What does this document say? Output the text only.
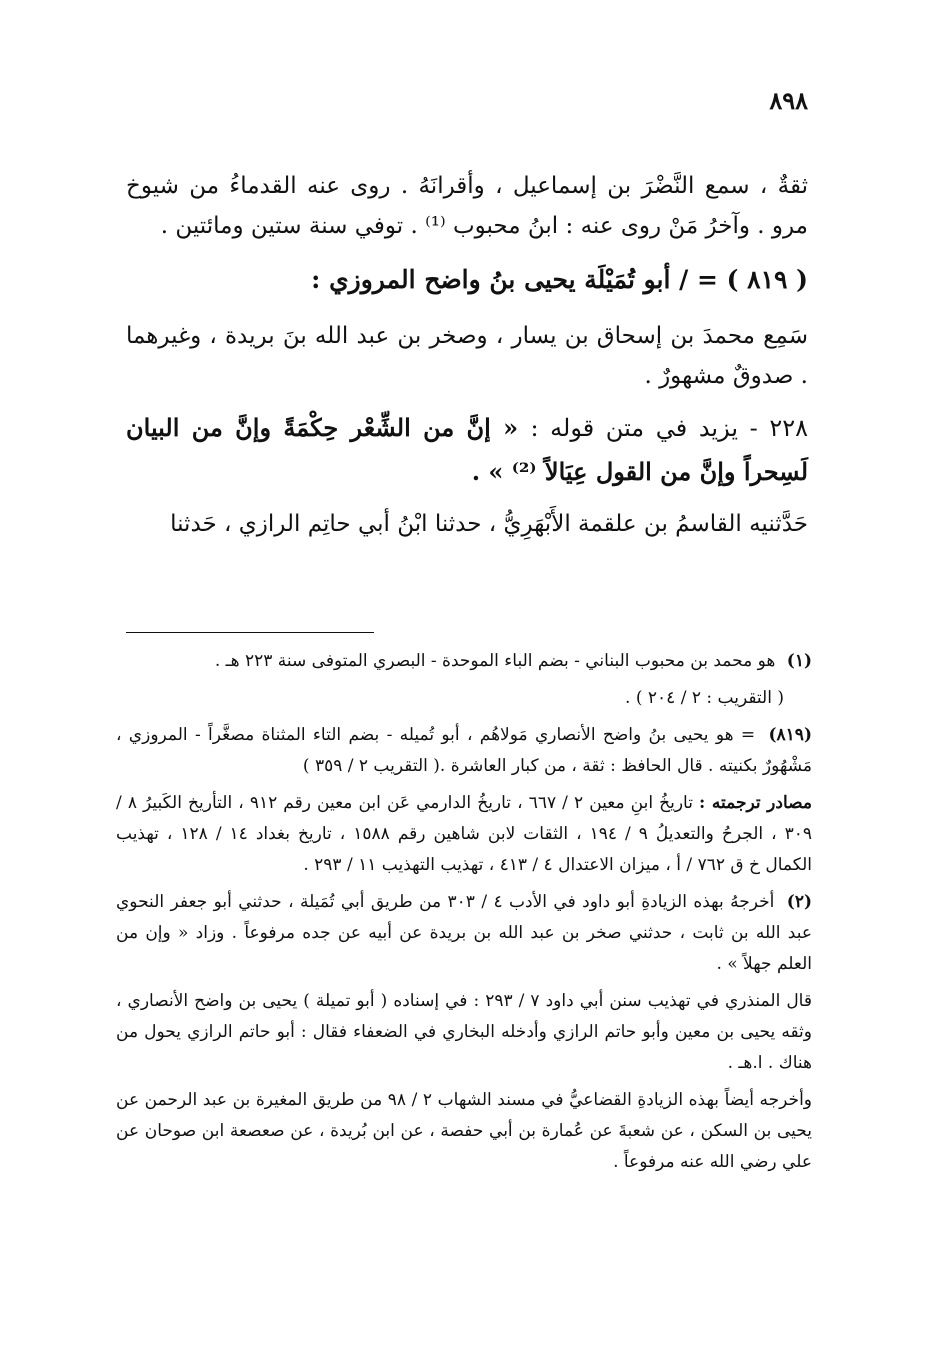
٨٩٨

ثقةٌ ، سمع النَّضْرَ بن إسماعيل ، وأقرانَهُ . روى عنه القدماءُ من شيوخ مرو . وآخرُ مَنْ روى عنه : ابنُ محبوب ⁽¹⁾ . توفي سنة ستين ومائتين .

( ٨١٩ ) = / أبو تُمَيْلَة يحيى بنُ واضح المروزي :

سَمِع محمدَ بن إسحاق بن يسار ، وصخر بن عبد الله بنَ بريدة ، وغيرهما . صدوقٌ مشهورٌ .

٢٢٨ - يزيد في متن قوله : « إنَّ من الشِّعْر حِكْمَةً وإنَّ من البيان لَسِحراً وإنَّ من القول عِيَالاً ⁽²⁾ » .

حَدَّثنيه القاسمُ بن علقمة الأَبْهَرِيُّ ، حدثنا ابْنُ أبي حاتِم الرازي ، حَدثنا

(١) هو محمد بن محبوب البناني - بضم الباء الموحدة - البصري المتوفى سنة ٢٢٣ هـ .

( التقريب : ٢ / ٢٠٤ ) .

(٨١٩) = هو يحيى بنُ واضح الأنصاري مَولاهُم ، أبو تُميله - بضم التاء المثناة مصغَّراً - المروزي ، مَشْهُورٌ بكنيته . قال الحافظ : ثقة ، من كبار العاشرة .( التقريب ٢ / ٣٥٩ )

مصادر ترجمته : تاريخُ ابنِ معين ٢ / ٦٦٧ ، تاريخُ الدارمي عَن ابن معين رقم ٩١٢ ، التأريخ الكَبيرُ ٨ / ٣٠٩ ، الجرحُ والتعديلُ ٩ / ١٩٤ ، الثقات لابن شاهين رقم ١٥٨٨ ، تاريخ بغداد ١٤ / ١٢٨ ، تهذيب الكمال خ ق ٧٦٢ / أ ، ميزان الاعتدال ٤ / ٤١٣ ، تهذيب التهذيب ١١ / ٢٩٣ .

(٢) أخرجهُ بهذه الزيادةِ أبو داود في الأدب ٤ / ٣٠٣ من طريق أبي تُمَيلة ، حدثني أبو جعفر النحوي عبد الله بن ثابت ، حدثني صخر بن عبد الله بن بريدة عن أبيه عن جده مرفوعاً . وزاد « وإن من العلم جهلاً » .

قال المنذري في تهذيب سنن أبي داود ٧ / ٢٩٣ : في إسناده ( أبو تميلة ) يحيى بن واضح الأنصاري ، وثقه يحيى بن معين وأبو حاتم الرازي وأدخله البخاري في الضعفاء فقال : أبو حاتم الرازي يحول من هناك . ا.هـ .

وأخرجه أيضاً بهذه الزيادةِ القضاعيُّ في مسند الشهاب ٢ / ٩٨ من طريق المغيرة بن عبد الرحمن عن يحيى بن السكن ، عن شعبةَ عن عُمارة بن أبي حفصة ، عن ابن بُريدة ، عن صعصعة ابن صوحان عن علي رضي الله عنه مرفوعاً .
